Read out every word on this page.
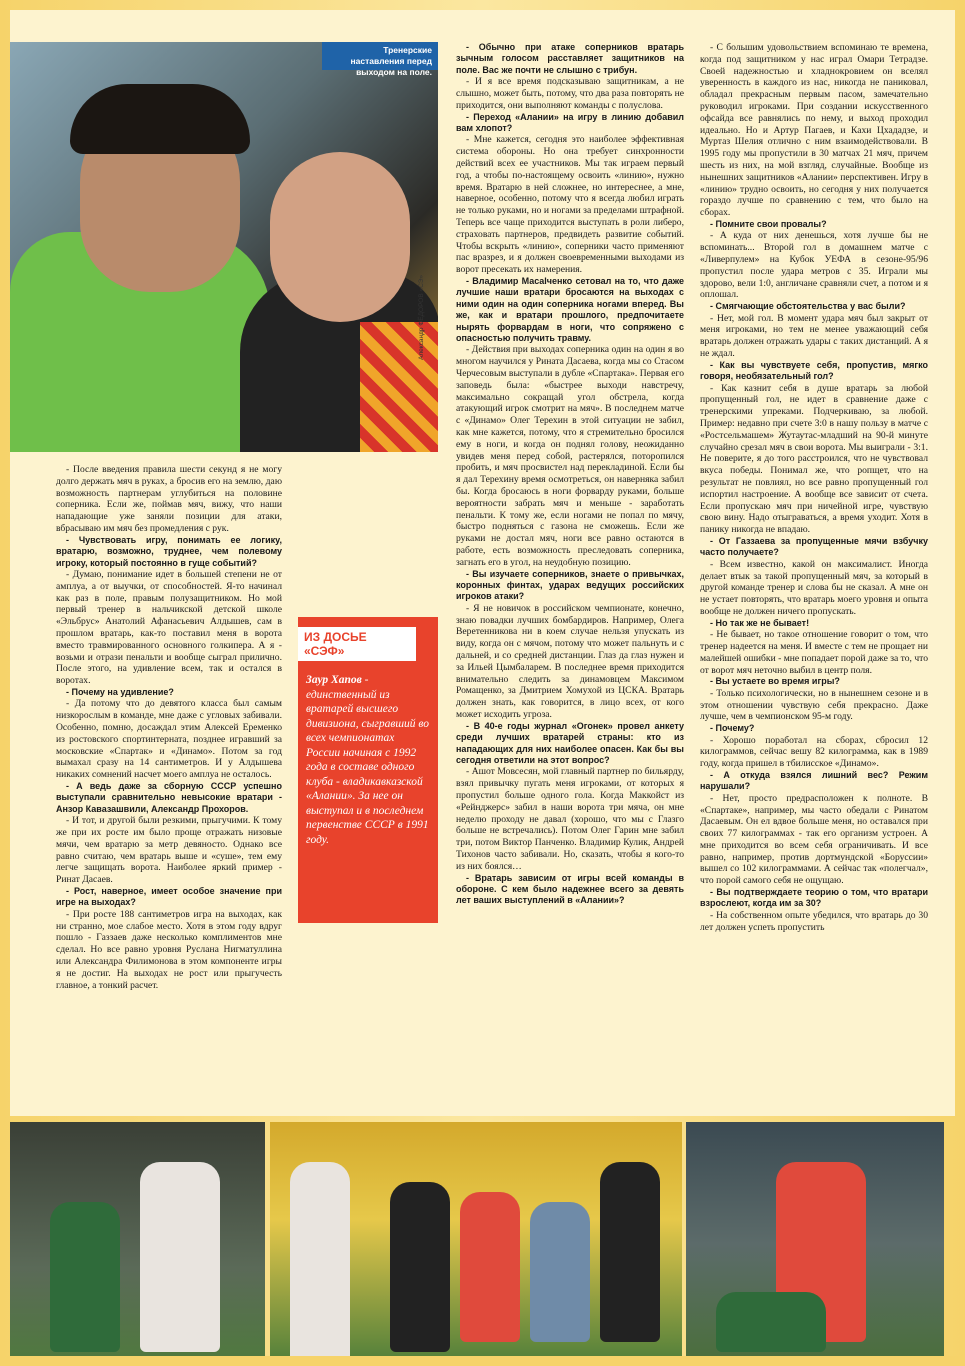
Тренерские наставления перед выходом на поле.
Александр ФЁДОРОВ «СЭ»

- После введения правила шести секунд я не могу долго держать мяч в руках, а бросив его на землю, даю возможность партнерам углубиться на половине соперника. Если же, поймав мяч, вижу, что наши нападающие уже заняли позиции для атаки, вбрасываю им мяч без промедления с рук.

- Чувствовать игру, понимать ее логику, вратарю, возможно, труднее, чем полевому игроку, который постоянно в гуще событий?

- Думаю, понимание идет в большей степени не от амплуа, а от выучки, от способностей. Я-то начинал как раз в поле, правым полузащитником. Но мой первый тренер в нальчикской детской школе «Эльбрус» Анатолий Афанасьевич Алдышев, сам в прошлом вратарь, как-то поставил меня в ворота вместо травмированного основного голкипера. А я - возьми и отрази пенальти и вообще сыграл прилично. После этого, на удивление всем, так и остался в воротах.

- Почему на удивление?

- Да потому что до девятого класса был самым низкорослым в команде, мне даже с угловых забивали. Особенно, помню, досаждал этим Алексей Еременко из ростовского спортинтерната, позднее игравший за московские «Спартак» и «Динамо». Потом за год вымахал сразу на 14 сантиметров. И у Алдышева никаких сомнений насчет моего амплуа не осталось.

- А ведь даже за сборную СССР успешно выступали сравнительно невысокие вратари - Анзор Кавазашвили, Александр Прохоров.

- И тот, и другой были резкими, прыгучими. К тому же при их росте им было проще отражать низовые мячи, чем вратарю за метр девяносто. Однако все равно считаю, чем вратарь выше и «суше», тем ему легче защищать ворота. Наиболее яркий пример - Ринат Дасаев.

- Рост, наверное, имеет особое значение при игре на выходах?

- При росте 188 сантиметров игра на выходах, как ни странно, мое слабое место. Хотя в этом году вдруг пошло - Газзаев даже несколько комплиментов мне сделал. Но все равно уровня Руслана Нигматуллина или Александра Филимонова в этом компоненте игры я не достиг. На выходах не рост или прыгучесть главное, а тонкий расчет.

- Обычно при атаке соперников вратарь зычным голосом расставляет защитников на поле. Вас же почти не слышно с трибун.

- И я все время подсказываю защитникам, а не слышно, может быть, потому, что два раза повторять не приходится, они выполняют команды с полуслова.

- Переход «Алании» на игру в линию добавил вам хлопот?

- Мне кажется, сегодня это наиболее эффективная система обороны. Но она требует синхронности действий всех ее участников. Мы так играем первый год, а чтобы по-настоящему освоить «линию», нужно время. Вратарю в ней сложнее, но интереснее, а мне, наверное, особенно, потому что я всегда любил играть не только руками, но и ногами за пределами штрафной. Теперь все чаще приходится выступать в роли либеро, страховать партнеров, предвидеть развитие событий. Чтобы вскрыть «линию», соперники часто применяют пас вразрез, и я должен своевременными выходами из ворот пресекать их намерения.

- Владимир Масalченко сетовал на то, что даже лучшие наши вратари бросаются на выходах с ними один на один соперника ногами вперед. Вы же, как и вратари прошлого, предпочитаете нырять форвардам в ноги, что сопряжено с опасностью получить травму.

- Действия при выходах соперника один на один я во многом научился у Рината Дасаева, когда мы со Стасом Черчесовым выступали в дубле «Спартака». Первая его заповедь была: «быстрее выходи навстречу, максимально сокращай угол обстрела, когда атакующий игрок смотрит на мяч». В последнем матче с «Динамо» Олег Терехин в этой ситуации не забил, как мне кажется, потому, что я стремительно бросился ему в ноги, и когда он поднял голову, неожиданно увидев меня перед собой, растерялся, поторопился пробить, и мяч просвистел над перекладиной. Если бы я дал Терехину время осмотреться, он наверняка забил бы. Когда бросаюсь в ноги форварду руками, больше вероятности забрать мяч и меньше - заработать пенальти. К тому же, если ногами не попал по мячу, быстро подняться с газона не сможешь. Если же руками не достал мяч, ноги все равно остаются в работе, есть возможность преследовать соперника, загнать его в угол, на неудобную позицию.

- Вы изучаете соперников, знаете о привычках, коронных финтах, ударах ведущих российских игроков атаки?

- Я не новичок в российском чемпионате, конечно, знаю повадки лучших бомбардиров. Например, Олега Веретенникова ни в коем случае нельзя упускать из виду, когда он с мячом, потому что может пальнуть и с дальней, и со средней дистанции. Глаз да глаз нужен и за Ильей Цымбаларем. В последнее время приходится внимательно следить за динамовцем Максимом Ромащенко, за Дмитрием Хомухой из ЦСКА. Вратарь должен знать, как говорится, в лицо всех, от кого может исходить угроза.

- В 40-е годы журнал «Огонек» провел анкету среди лучших вратарей страны: кто из нападающих для них наиболее опасен. Как бы вы сегодня ответили на этот вопрос?

- Ашот Мовсесян, мой главный партнер по бильярду, взял привычку пугать меня игроками, от которых я пропустил больше одного гола. Когда Маккойст из «Рейнджерс» забил в наши ворота три мяча, он мне неделю проходу не давал (хорошо, что мы с Глазго больше не встречались). Потом Олег Гарин мне забил три, потом Виктор Панченко. Владимир Кулик, Андрей Тихонов часто забивали. Но, сказать, чтобы я кого-то из них боялся…

- Вратарь зависим от игры всей команды в обороне. С кем было надежнее всего за девять лет ваших выступлений в «Алании»?

- С большим удовольствием вспоминаю те времена, когда под защитником у нас играл Омари Тетрадзе. Своей надежностью и хладнокровием он вселял уверенность в каждого из нас, никогда не паниковал, обладал прекрасным первым пасом, замечательно руководил игроками. При создании искусственного офсайда все равнялись по нему, и выход проходил идеально. Но и Артур Пагаев, и Кахи Цхададзе, и Муртаз Шелия отлично с ним взаимодействовали. В 1995 году мы пропустили в 30 матчах 21 мяч, причем шесть из них, на мой взгляд, случайные. Вообще из нынешних защитников «Алании» перспективен. Игру в «линию» трудно освоить, но сегодня у них получается гораздо лучше по сравнению с тем, что было на сборах.

- Помните свои провалы?

- А куда от них денешься, хотя лучше бы не вспоминать... Второй гол в домашнем матче с «Ливерпулем» на Кубок УЕФА в сезоне-95/96 пропустил после удара метров с 35. Играли мы здорово, вели 1:0, англичане сравняли счет, а потом и я оплошал.

- Смягчающие обстоятельства у вас были?

- Нет, мой гол. В момент удара мяч был закрыт от меня игроками, но тем не менее уважающий себя вратарь должен отражать удары с таких дистанций. А я не ждал.

- Как вы чувствуете себя, пропустив, мягко говоря, необязательный гол?

- Как казнит себя в душе вратарь за любой пропущенный гол, не идет в сравнение даже с тренерскими упреками. Подчеркиваю, за любой. Пример: недавно при счете 3:0 в нашу пользу в матче с «Ростсельмашем» Жутаутас-младший на 90-й минуте случайно срезал мяч в свои ворота. Мы выиграли - 3:1. Не поверите, я до того расстроился, что не чувствовал вкуса победы. Понимал же, что ропщет, что на результат не повлиял, но все равно пропущенный гол испортил настроение. А вообще все зависит от счета. Если пропускаю мяч при ничейной игре, чувствую свою вину. Надо отыграваться, а время уходит. Хотя в панику никогда не впадаю.

- От Газзаева за пропущенные мячи взбучку часто получаете?

- Всем известно, какой он максималист. Иногда делает втык за такой пропущенный мяч, за который в другой команде тренер и слова бы не сказал. А мне он не устает повторять, что вратарь моего уровня и опыта вообще не должен ничего пропускать.

- Но так же не бывает!

- Не бывает, но такое отношение говорит о том, что тренер надеется на меня. И вместе с тем не прощает ни малейшей ошибки - мне попадает порой даже за то, что от ворот мяч неточно выбил в центр поля.

- Вы устаете во время игры?

- Только психологически, но в нынешнем сезоне и в этом отношении чувствую себя прекрасно. Даже лучше, чем в чемпионском 95-м году.

- Почему?

- Хорошо поработал на сборах, сбросил 12 килограммов, сейчас вешу 82 килограмма, как в 1989 году, когда пришел в тбилисское «Динамо».

- А откуда взялся лишний вес? Режим нарушали?

- Нет, просто предрасположен к полноте. В «Спартаке», например, мы часто обедали с Ринатом Дасаевым. Он ел вдвое больше меня, но оставался при своих 77 килограммах - так его организм устроен. А мне приходится во всем себя ограничивать. И все равно, например, против дортмундской «Боруссии» вышел со 102 килограммами. А сейчас так «полегчал», что порой самого себя не ощущаю.

- Вы подтверждаете теорию о том, что вратари взрослеют, когда им за 30?

- На собственном опыте убедился, что вратарь до 30 лет должен успеть пропустить

ИЗ ДОСЬЕ «СЭФ»
Заур Хапов - единственный из вратарей высшего дивизиона, сыгравший во всех чемпионатах России начиная с 1992 года в составе одного клуба - владикавказской «Алании». За нее он выступал и в последнем первенстве СССР в 1991 году.
